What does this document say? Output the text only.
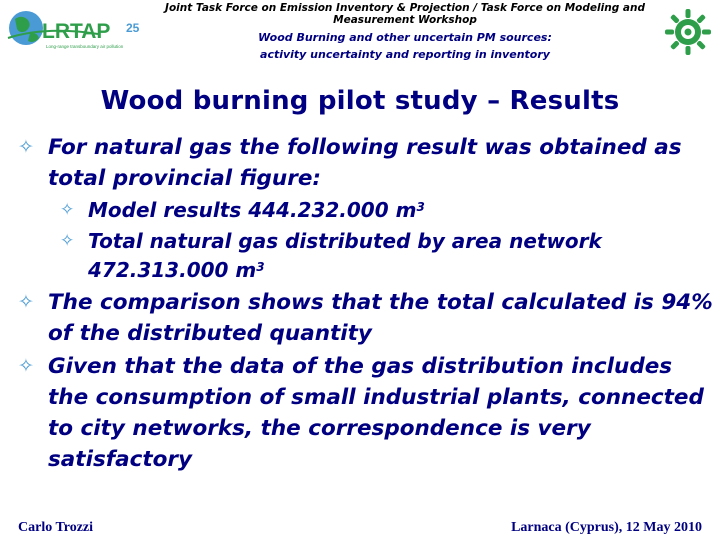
LRTAP 25
Long-range transboundary air pollution
Joint Task Force on Emission Inventory & Projection / Task Force on Modeling and Measurement Workshop
Wood Burning and other uncertain PM sources:
activity uncertainty and reporting in inventory
Wood burning pilot study – Results
✧ For natural gas the following result was obtained as total provincial figure:
✧ Model results 444.232.000 $m^3$
✧ Total natural gas distributed by area network 472.313.000 $m^3$
✧ The comparison shows that the total calculated is 94% of the distributed quantity
✧ Given that the data of the gas distribution includes the consumption of small industrial plants, connected to city networks, the correspondence is very satisfactory
Carlo Trozzi	Larnaca (Cyprus), 12 May 2010
